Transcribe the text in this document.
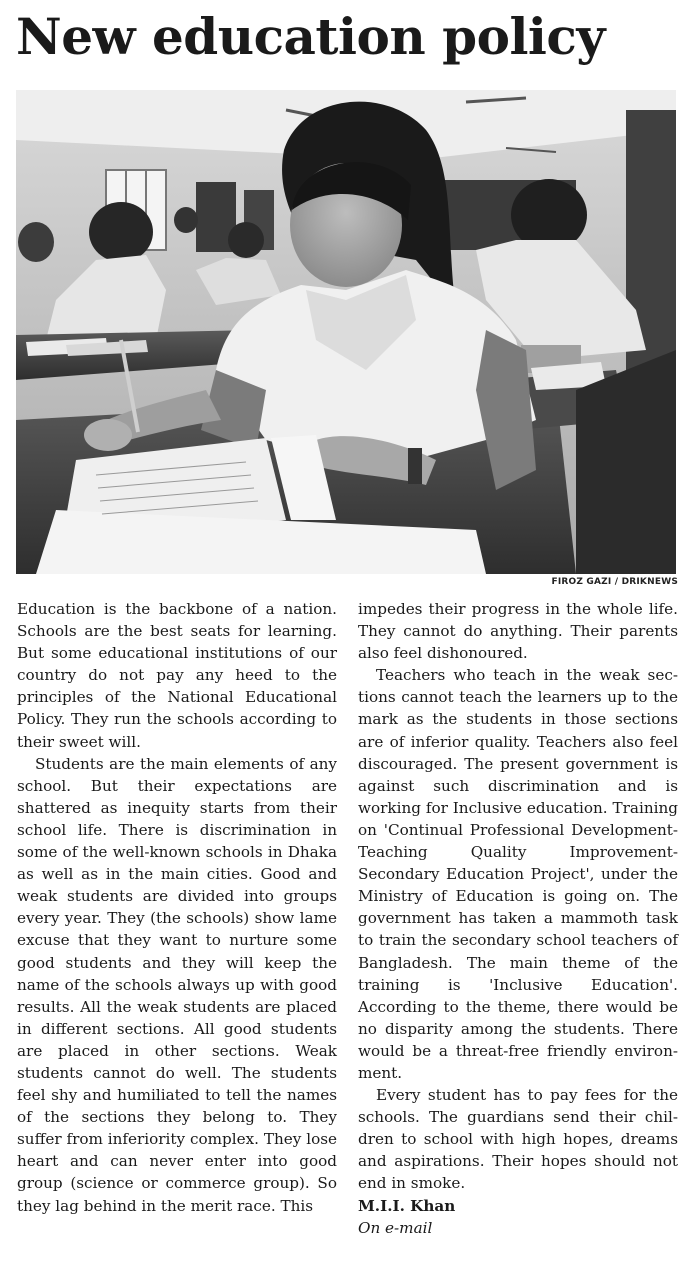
New education policy
FIROZ GAZI / DRIKNEWS

Education is the backbone of a nation. Schools are the best seats for learning. But some educational institutions of our country do not pay any heed to the principles of the National Educational Policy. They run the schools according to their sweet will.

Students are the main elements of any school. But their expectations are shattered as inequity starts from their school life. There is discrimination in some of the well-known schools in Dhaka as well as in the main cities. Good and weak students are divided into groups every year. They (the schools) show lame excuse that they want to nurture some good students and they will keep the name of the schools always up with good results. All the weak students are placed in different sections. All good students are placed in other sections. Weak students cannot do well. The students feel shy and humiliated to tell the names of the sections they belong to. They suffer from inferiority complex. They lose heart and can never enter into good group (science or commerce group). So they lag behind in the merit race. This

impedes their progress in the whole life. They cannot do anything. Their parents also feel dishonoured.

Teachers who teach in the weak sections cannot teach the learners up to the mark as the students in those sections are of inferior quality. Teachers also feel discouraged. The present government is against such discrimination and is working for Inclusive education. Training on 'Continual Professional Development-Teaching Quality Improvement-Secondary Education Project', under the Ministry of Education is going on. The government has taken a mammoth task to train the secondary school teachers of Bangladesh. The main theme of the training is 'Inclusive Education'. According to the theme, there would be no disparity among the students. There would be a threat-free friendly environment.

Every student has to pay fees for the schools. The guardians send their children to school with high hopes, dreams and aspirations. Their hopes should not end in smoke.

M.I.I. Khan

On e-mail
